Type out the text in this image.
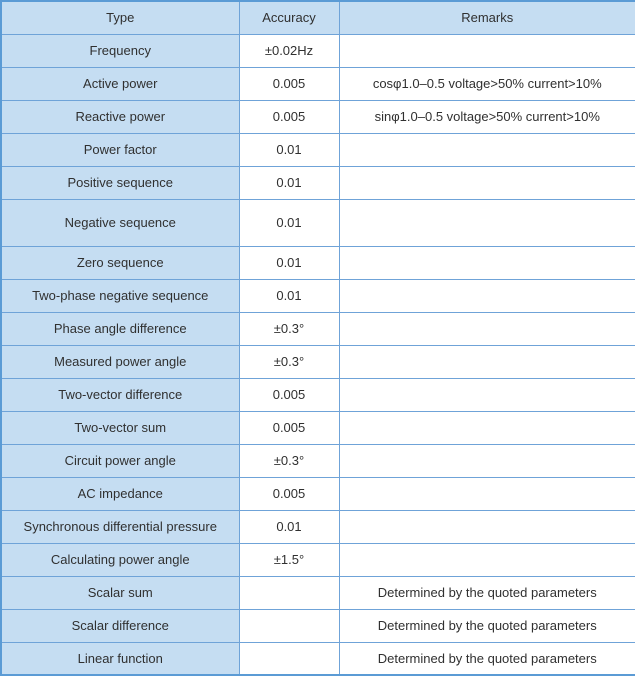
Type	Accuracy	Remarks
Frequency	±0.02Hz	
Active power	0.005	cosφ1.0–0.5 voltage>50% current>10%
Reactive power	0.005	sinφ1.0–0.5 voltage>50% current>10%
Power factor	0.01	
Positive sequence	0.01	
Negative sequence	0.01	
Zero sequence	0.01	
Two-phase negative sequence	0.01	
Phase angle difference	±0.3°	
Measured power angle	±0.3°	
Two-vector difference	0.005	
Two-vector sum	0.005	
Circuit power angle	±0.3°	
AC impedance	0.005	
Synchronous differential pressure	0.01	
Calculating power angle	±1.5°	
Scalar sum		Determined by the quoted parameters
Scalar difference		Determined by the quoted parameters
Linear function		Determined by the quoted parameters
